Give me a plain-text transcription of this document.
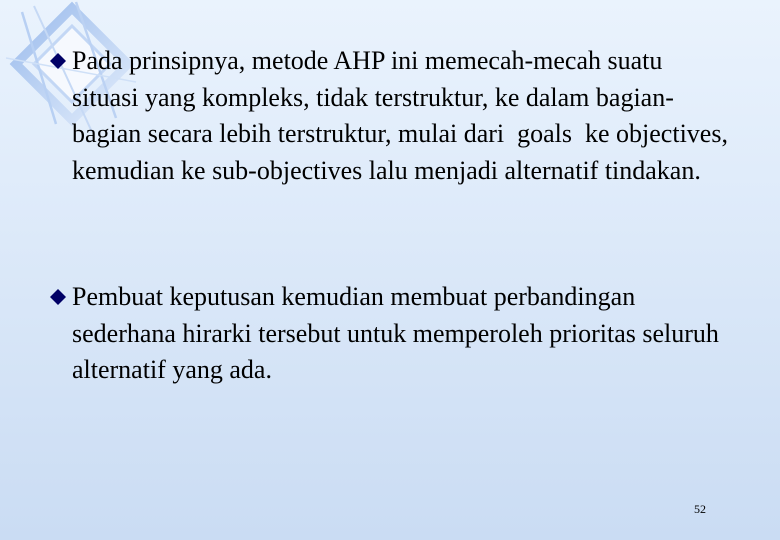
Pada prinsipnya, metode AHP ini memecah-mecah suatu situasi yang kompleks, tidak terstruktur, ke dalam bagian-bagian secara lebih terstruktur, mulai dari  goals  ke objectives, kemudian ke sub-objectives lalu menjadi alternatif tindakan.

Pembuat keputusan kemudian membuat perbandingan sederhana hirarki tersebut untuk memperoleh prioritas seluruh alternatif yang ada.

52
